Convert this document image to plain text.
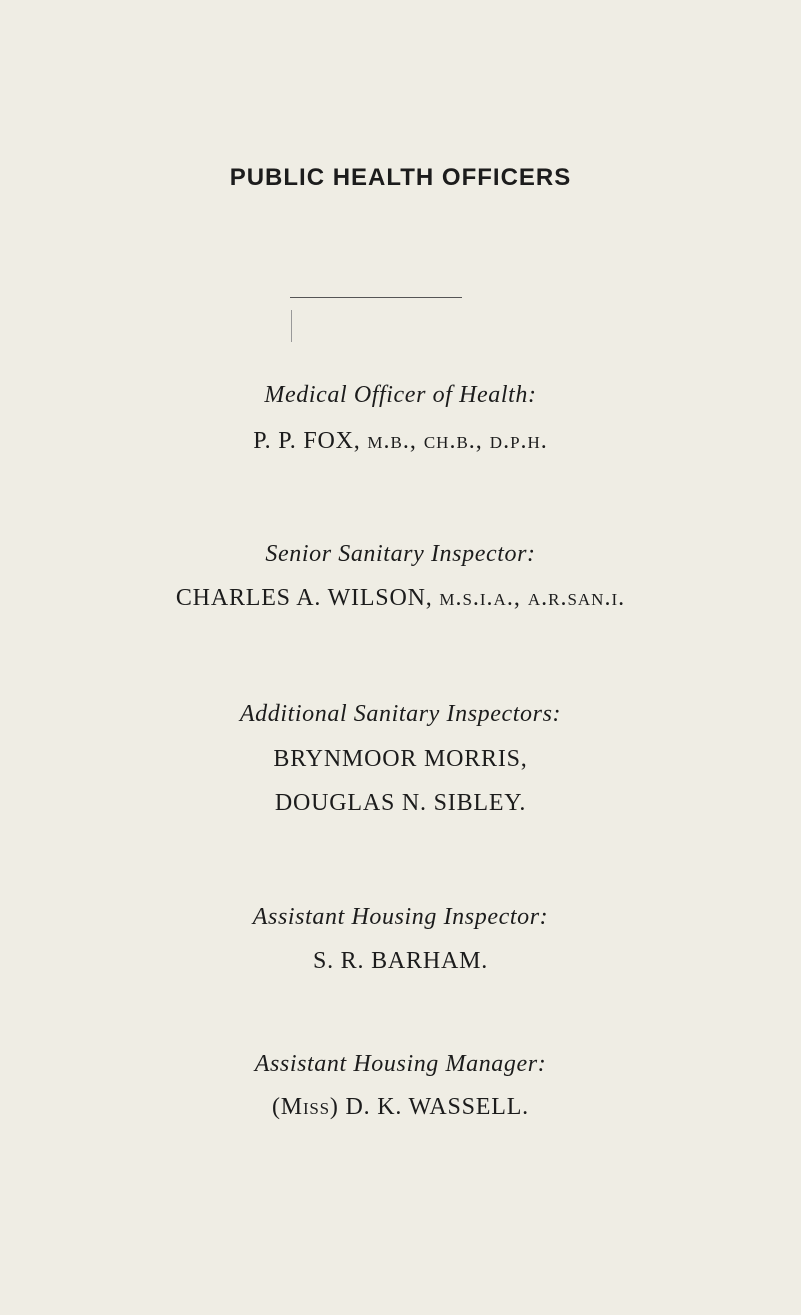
PUBLIC HEALTH OFFICERS
Medical Officer of Health:
P. P. FOX, m.b., ch.b., d.p.h.
Senior Sanitary Inspector:
CHARLES A. WILSON, m.s.i.a., a.r.san.i.
Additional Sanitary Inspectors:
BRYNMOOR MORRIS,
DOUGLAS N. SIBLEY.
Assistant Housing Inspector:
S. R. BARHAM.
Assistant Housing Manager:
(Miss) D. K. WASSELL.
